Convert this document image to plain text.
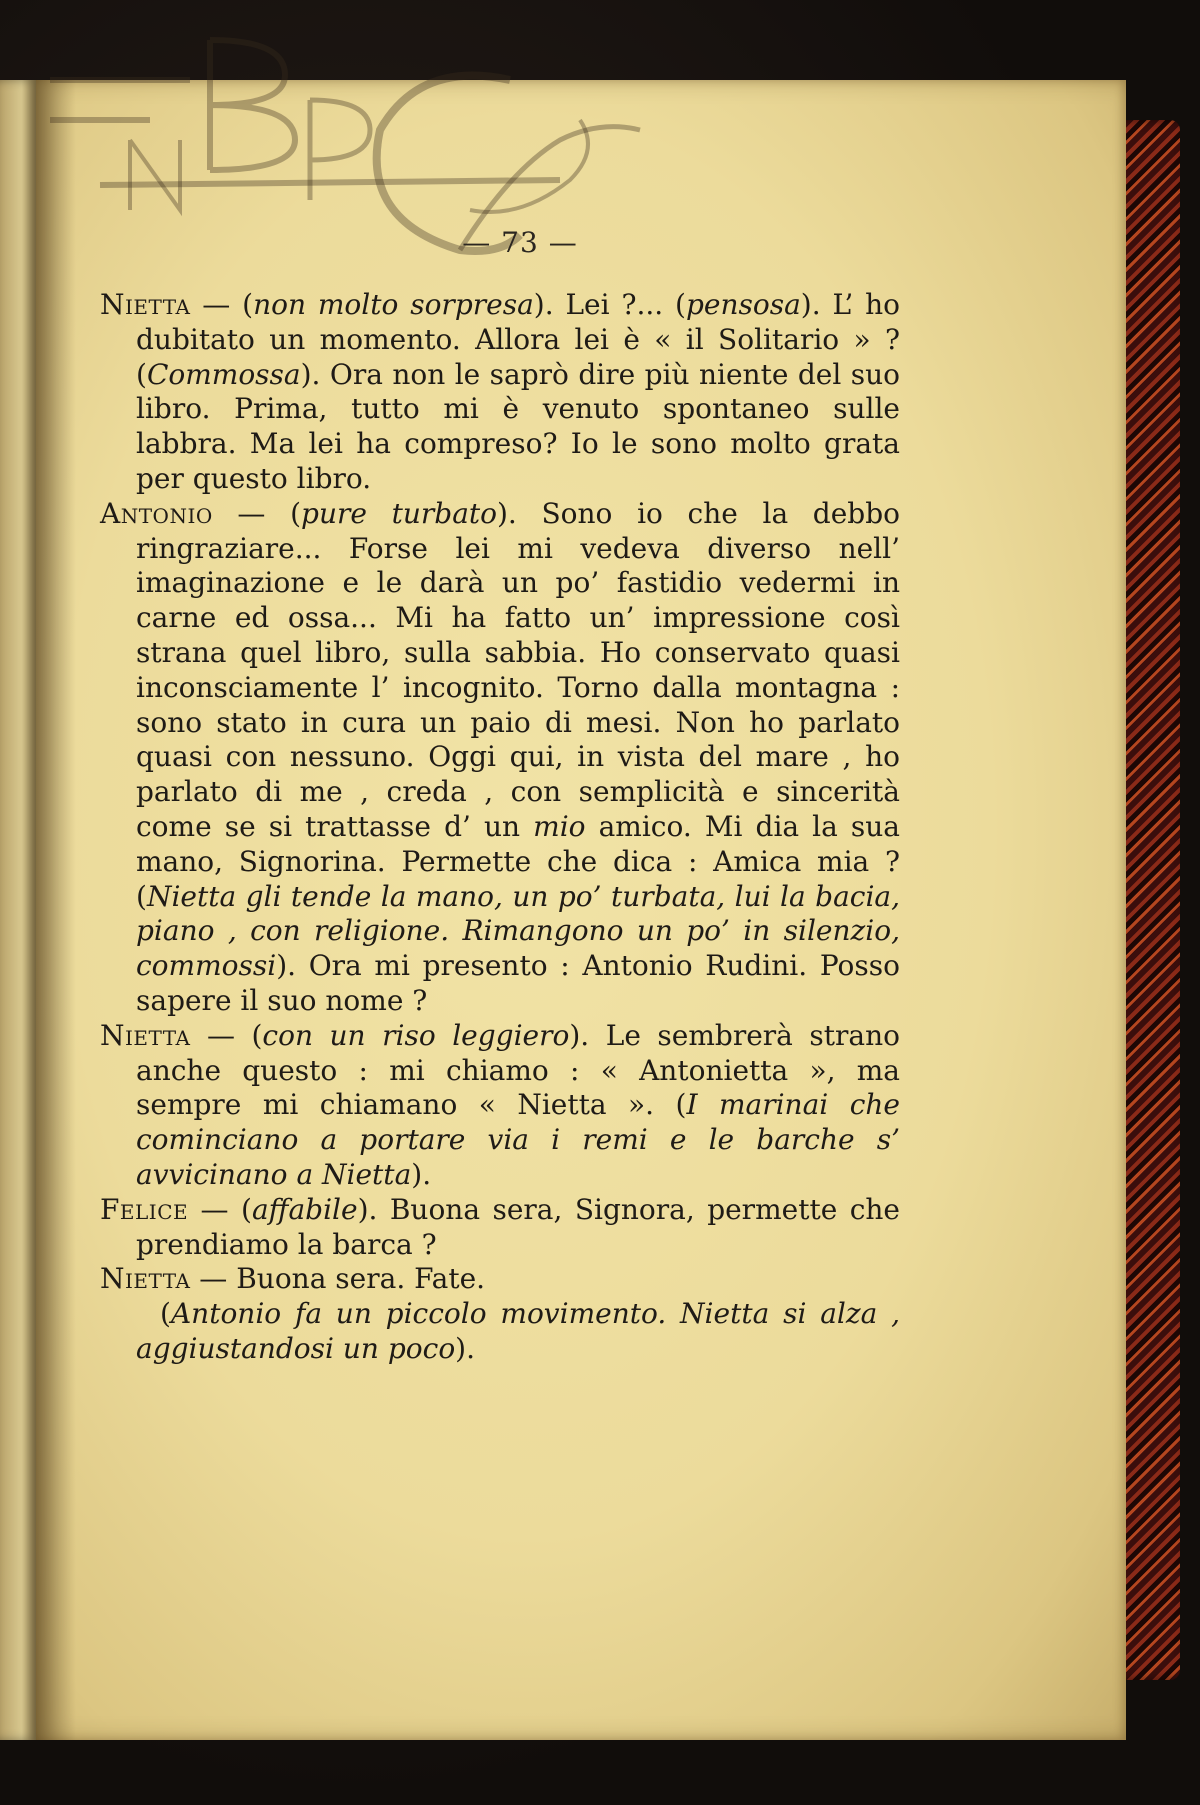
— 73 —

Nietta — (non molto sorpresa). Lei ?... (pensosa). L’ ho dubitato un momento. Allora lei è « il Solitario » ? (Commossa). Ora non le saprò dire più niente del suo libro. Prima, tutto mi è venuto spontaneo sulle labbra. Ma lei ha compreso? Io le sono molto grata per questo libro.

Antonio — (pure turbato). Sono io che la debbo ringraziare... Forse lei mi vedeva diverso nell’ imaginazione e le darà un po’ fastidio vedermi in carne ed ossa... Mi ha fatto un’ impressione così strana quel libro, sulla sabbia. Ho conservato quasi inconsciamente l’ incognito. Torno dalla montagna : sono stato in cura un paio di mesi. Non ho parlato quasi con nessuno. Oggi qui, in vista del mare , ho parlato di me , creda , con semplicità e sincerità come se si trattasse d’ un mio amico. Mi dia la sua mano, Signorina. Permette che dica : Amica mia ? (Nietta gli tende la mano, un po’ turbata, lui la bacia, piano , con religione. Rimangono un po’ in silenzio, commossi). Ora mi presento : Antonio Rudini. Posso sapere il suo nome ?

Nietta — (con un riso leggiero). Le sembrerà strano anche questo : mi chiamo : « Antonietta », ma sempre mi chiamano « Nietta ». (I marinai che cominciano a portare via i remi e le barche s’ avvicinano a Nietta).

Felice — (affabile). Buona sera, Signora, permette che prendiamo la barca ?

Nietta — Buona sera. Fate.

(Antonio fa un piccolo movimento. Nietta si alza , aggiustandosi un poco).
